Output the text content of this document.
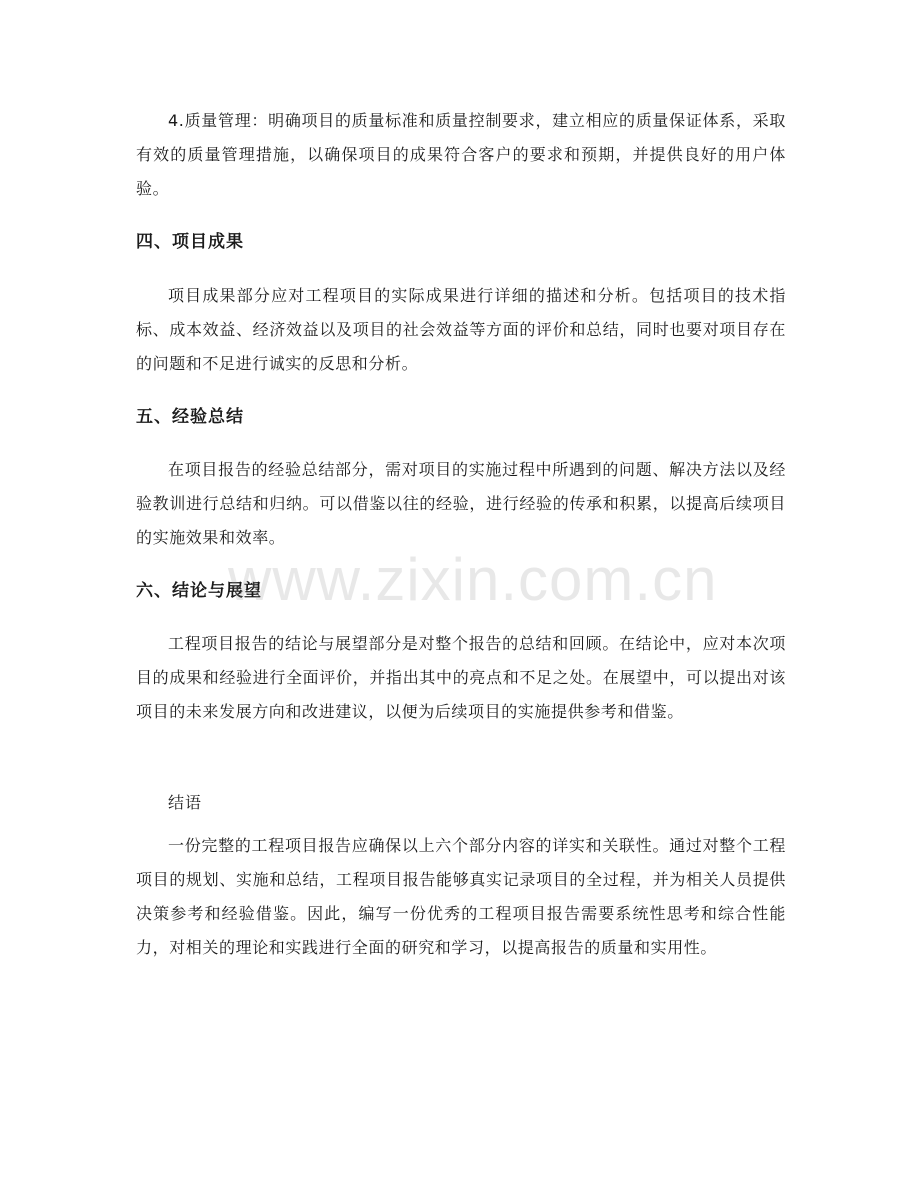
4.质量管理：明确项目的质量标准和质量控制要求，建立相应的质量保证体系，采取有效的质量管理措施，以确保项目的成果符合客户的要求和预期，并提供良好的用户体验。

四、项目成果

项目成果部分应对工程项目的实际成果进行详细的描述和分析。包括项目的技术指标、成本效益、经济效益以及项目的社会效益等方面的评价和总结，同时也要对项目存在的问题和不足进行诚实的反思和分析。

五、经验总结

在项目报告的经验总结部分，需对项目的实施过程中所遇到的问题、解决方法以及经验教训进行总结和归纳。可以借鉴以往的经验，进行经验的传承和积累，以提高后续项目的实施效果和效率。

六、结论与展望

工程项目报告的结论与展望部分是对整个报告的总结和回顾。在结论中，应对本次项目的成果和经验进行全面评价，并指出其中的亮点和不足之处。在展望中，可以提出对该项目的未来发展方向和改进建议，以便为后续项目的实施提供参考和借鉴。

结语

一份完整的工程项目报告应确保以上六个部分内容的详实和关联性。通过对整个工程项目的规划、实施和总结，工程项目报告能够真实记录项目的全过程，并为相关人员提供决策参考和经验借鉴。因此，编写一份优秀的工程项目报告需要系统性思考和综合性能力，对相关的理论和实践进行全面的研究和学习，以提高报告的质量和实用性。

www.zixin.com.cn
